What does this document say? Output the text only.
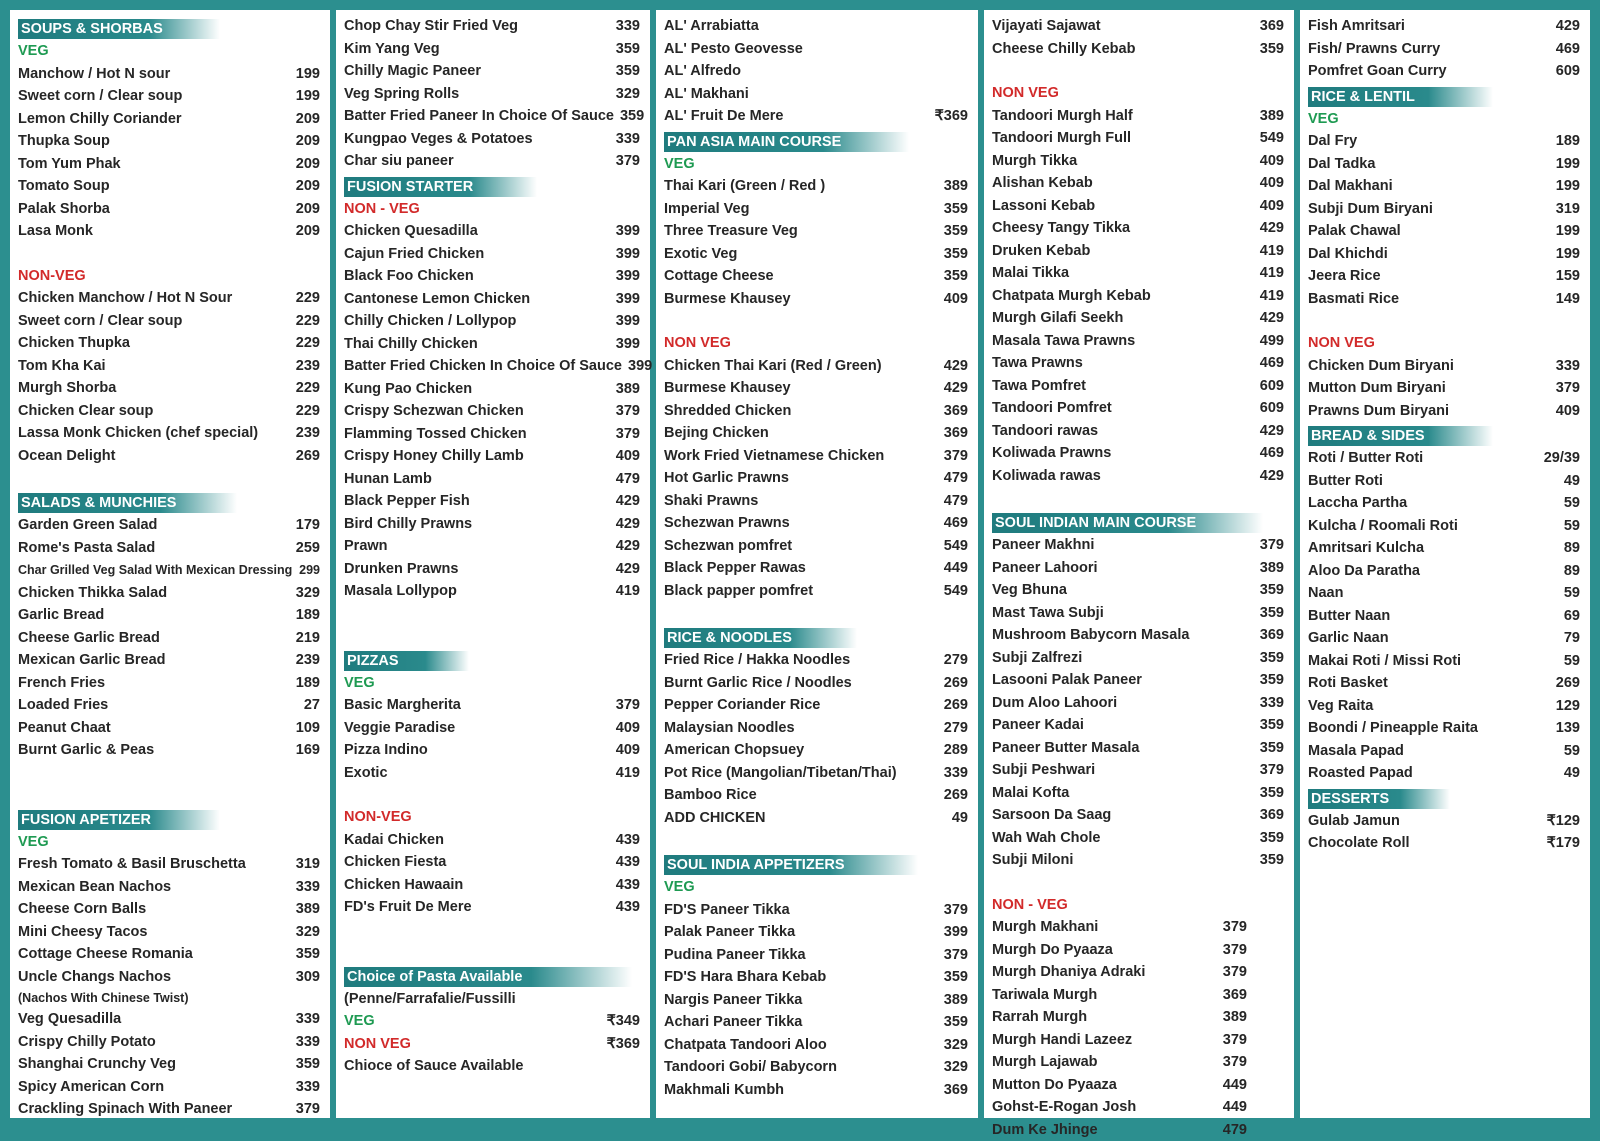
SOUPS & SHORBAS
VEG
Manchow / Hot N sour	199
Sweet corn / Clear soup	199
Lemon Chilly Coriander	209
Thupka Soup	209
Tom Yum Phak	209
Tomato Soup	209
Palak Shorba	209
Lasa Monk	209
NON-VEG
Chicken Manchow / Hot N Sour	229
Sweet corn / Clear soup	229
Chicken Thupka	229
Tom Kha Kai	239
Murgh Shorba	229
Chicken Clear soup	229
Lassa Monk Chicken (chef special)	239
Ocean Delight	269
SALADS & MUNCHIES
Garden Green Salad	179
Rome's Pasta Salad	259
Char Grilled Veg Salad With Mexican Dressing 299
Chicken Thikka Salad	329
Garlic Bread	189
Cheese Garlic Bread	219
Mexican Garlic Bread	239
French Fries	189
Loaded Fries	27
Peanut Chaat	109
Burnt Garlic & Peas	169
FUSION APETIZER
VEG
Fresh Tomato & Basil Bruschetta	319
Mexican Bean Nachos	339
Cheese Corn Balls	389
Mini Cheesy Tacos	329
Cottage Cheese Romania	359
Uncle Changs Nachos	309
(Nachos With Chinese Twist)
Veg Quesadilla	339
Crispy Chilly Potato	339
Shanghai Crunchy Veg	359
Spicy American Corn	339
Crackling Spinach With Paneer	379
Chop Chay Stir Fried Veg	339
Kim Yang Veg	359
Chilly Magic Paneer	359
Veg Spring Rolls	329
Batter Fried Paneer In Choice Of Sauce 359
Kungpao Veges & Potatoes	339
Char siu paneer	379
FUSION STARTER
NON - VEG
Chicken Quesadilla	399
Cajun Fried Chicken	399
Black Foo Chicken	399
Cantonese Lemon Chicken	399
Chilly Chicken / Lollypop	399
Thai Chilly Chicken	399
Batter Fried Chicken In Choice Of Sauce 399
Kung Pao Chicken	389
Crispy Schezwan Chicken	379
Flamming Tossed Chicken	379
Crispy Honey Chilly Lamb	409
Hunan Lamb	479
Black Pepper Fish	429
Bird Chilly Prawns	429
Prawn	429
Drunken Prawns	429
Masala Lollypop	419
PIZZAS
VEG
Basic Margherita	379
Veggie Paradise	409
Pizza Indino	409
Exotic	419
NON-VEG
Kadai Chicken	439
Chicken Fiesta	439
Chicken Hawaain	439
FD's Fruit De Mere	439
Choice of Pasta Available
(Penne/Farrafalie/Fussilli
VEG	₹349
NON VEG	₹369
Chioce of Sauce Available
AL' Arrabiatta
AL' Pesto Geovesse
AL' Alfredo
AL' Makhani
AL' Fruit De Mere	₹369
PAN ASIA MAIN COURSE
VEG
Thai Kari (Green / Red )	389
Imperial Veg	359
Three Treasure Veg	359
Exotic Veg	359
Cottage Cheese	359
Burmese Khausey	409
NON VEG
Chicken Thai Kari (Red / Green)	429
Burmese Khausey	429
Shredded Chicken	369
Bejing Chicken	369
Work Fried Vietnamese Chicken	379
Hot Garlic Prawns	479
Shaki Prawns	479
Schezwan Prawns	469
Schezwan pomfret	549
Black Pepper Rawas	449
Black papper pomfret	549
RICE & NOODLES
Fried Rice / Hakka Noodles	279
Burnt Garlic Rice / Noodles	269
Pepper Coriander Rice	269
Malaysian Noodles	279
American Chopsuey	289
Pot Rice (Mangolian/Tibetan/Thai)	339
Bamboo Rice	269
ADD CHICKEN	49
SOUL INDIA APPETIZERS
VEG
FD'S Paneer Tikka	379
Palak Paneer Tikka	399
Pudina Paneer Tikka	379
FD'S Hara Bhara Kebab	359
Nargis Paneer Tikka	389
Achari Paneer Tikka	359
Chatpata Tandoori Aloo	329
Tandoori Gobi/ Babycorn	329
Makhmali Kumbh	369
Vijayati Sajawat	369
Cheese Chilly Kebab	359
NON VEG
Tandoori Murgh Half	389
Tandoori Murgh Full	549
Murgh Tikka	409
Alishan Kebab	409
Lassoni Kebab	409
Cheesy Tangy Tikka	429
Druken Kebab	419
Malai Tikka	419
Chatpata Murgh Kebab	419
Murgh Gilafi Seekh	429
Masala Tawa Prawns	499
Tawa Prawns	469
Tawa Pomfret	609
Tandoori Pomfret	609
Tandoori rawas	429
Koliwada Prawns	469
Koliwada rawas	429
SOUL INDIAN MAIN COURSE
Paneer Makhni	379
Paneer Lahoori	389
Veg Bhuna	359
Mast Tawa Subji	359
Mushroom Babycorn Masala	369
Subji Zalfrezi	359
Lasooni Palak Paneer	359
Dum Aloo Lahoori	339
Paneer Kadai	359
Paneer Butter Masala	359
Subji Peshwari	379
Malai Kofta	359
Sarsoon Da Saag	369
Wah Wah Chole	359
Subji Miloni	359
NON - VEG
Murgh Makhani	379
Murgh Do Pyaaza	379
Murgh Dhaniya Adraki	379
Tariwala Murgh	369
Rarrah Murgh	389
Murgh Handi Lazeez	379
Murgh Lajawab	379
Mutton Do Pyaaza	449
Gohst-E-Rogan Josh	449
Dum Ke Jhinge	479
Fish Amritsari	429
Fish/ Prawns Curry	469
Pomfret Goan Curry	609
RICE & LENTIL
VEG
Dal Fry	189
Dal Tadka	199
Dal Makhani	199
Subji Dum Biryani	319
Palak Chawal	199
Dal Khichdi	199
Jeera Rice	159
Basmati Rice	149
NON VEG
Chicken Dum Biryani	339
Mutton Dum Biryani	379
Prawns Dum Biryani	409
BREAD & SIDES
Roti / Butter Roti	29/39
Butter Roti	49
Laccha Partha	59
Kulcha / Roomali Roti	59
Amritsari Kulcha	89
Aloo Da Paratha	89
Naan	59
Butter Naan	69
Garlic Naan	79
Makai Roti / Missi Roti	59
Roti Basket	269
Veg Raita	129
Boondi / Pineapple Raita	139
Masala Papad	59
Roasted Papad	49
DESSERTS
Gulab Jamun	₹129
Chocolate Roll	₹179
